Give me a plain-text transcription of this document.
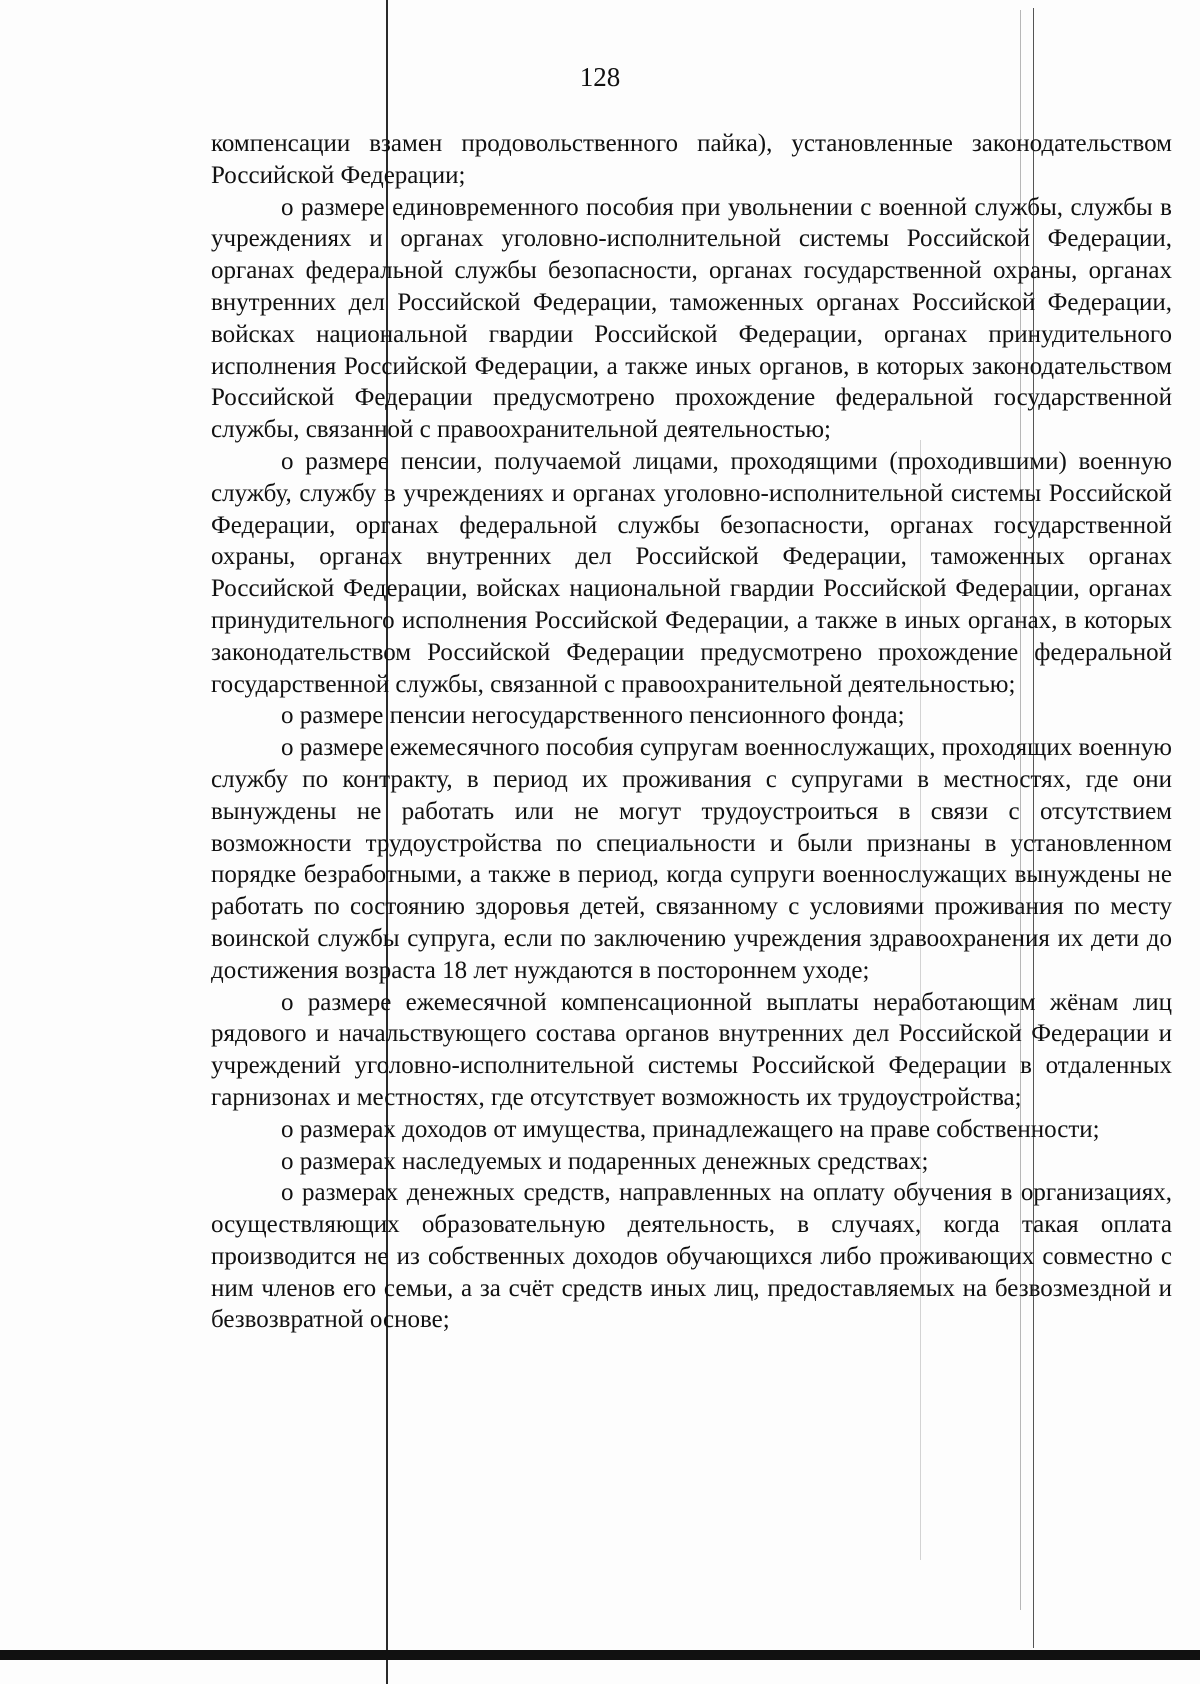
128

компенсации взамен продовольственного пайка), установленные законодательством Российской Федерации;

о размере единовременного пособия при увольнении с военной службы, службы в учреждениях и органах уголовно-исполнительной системы Российской Федерации, органах федеральной службы безопасности, органах государственной охраны, органах внутренних дел Российской Федерации, таможенных органах Российской Федерации, войсках национальной гвардии Российской Федерации, органах принудительного исполнения Российской Федерации, а также иных органов, в которых законодательством Российской Федерации предусмотрено прохождение федеральной государственной службы, связанной с правоохранительной деятельностью;

о размере пенсии, получаемой лицами, проходящими (проходившими) военную службу, службу в учреждениях и органах уголовно-исполнительной системы Российской Федерации, органах федеральной службы безопасности, органах государственной охраны, органах внутренних дел Российской Федерации, таможенных органах Российской Федерации, войсках национальной гвардии Российской Федерации, органах принудительного исполнения Российской Федерации, а также в иных органах, в которых законодательством Российской Федерации предусмотрено прохождение федеральной государственной службы, связанной с правоохранительной деятельностью;

о размере пенсии негосударственного пенсионного фонда;

о размере ежемесячного пособия супругам военнослужащих, проходящих военную службу по контракту, в период их проживания с супругами в местностях, где они вынуждены не работать или не могут трудоустроиться в связи с отсутствием возможности трудоустройства по специальности и были признаны в установленном порядке безработными, а также в период, когда супруги военнослужащих вынуждены не работать по состоянию здоровья детей, связанному с условиями проживания по месту воинской службы супруга, если по заключению учреждения здравоохранения их дети до достижения возраста 18 лет нуждаются в постороннем уходе;

о размере ежемесячной компенсационной выплаты неработающим жёнам лиц рядового и начальствующего состава органов внутренних дел Российской Федерации и учреждений уголовно-исполнительной системы Российской Федерации в отдаленных гарнизонах и местностях, где отсутствует возможность их трудоустройства;

о размерах доходов от имущества, принадлежащего на праве собственности;

о размерах наследуемых и подаренных денежных средствах;

о размерах денежных средств, направленных на оплату обучения в организациях, осуществляющих образовательную деятельность, в случаях, когда такая оплата производится не из собственных доходов обучающихся либо проживающих совместно с ним членов его семьи, а за счёт средств иных лиц, предоставляемых на безвозмездной и безвозвратной основе;
